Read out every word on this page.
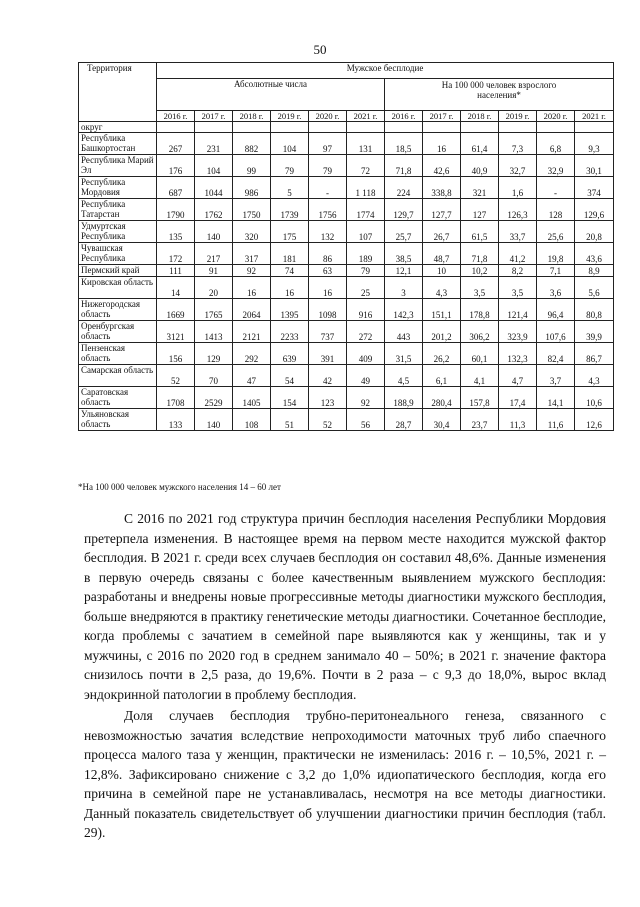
50
Территория	Мужское бесплодие											
	Абсолютные числа						На 100 000 человек взрослого населения*					
	2016 г.	2017 г.	2018 г.	2019 г.	2020 г.	2021 г.	2016 г.	2017 г.	2018 г.	2019 г.	2020 г.	2021 г.
округ												
Республика Башкортостан	267	231	882	104	97	131	18,5	16	61,4	7,3	6,8	9,3
Республика Марий Эл	176	104	99	79	79	72	71,8	42,6	40,9	32,7	32,9	30,1
Республика Мордовия	687	1044	986	5	-	1 118	224	338,8	321	1,6	-	374
Республика Татарстан	1790	1762	1750	1739	1756	1774	129,7	127,7	127	126,3	128	129,6
Удмуртская Республика	135	140	320	175	132	107	25,7	26,7	61,5	33,7	25,6	20,8
Чувашская Республика	172	217	317	181	86	189	38,5	48,7	71,8	41,2	19,8	43,6
Пермский край	111	91	92	74	63	79	12,1	10	10,2	8,2	7,1	8,9
Кировская область	14	20	16	16	16	25	3	4,3	3,5	3,5	3,6	5,6
Нижегородская область	1669	1765	2064	1395	1098	916	142,3	151,1	178,8	121,4	96,4	80,8
Оренбургская область	3121	1413	2121	2233	737	272	443	201,2	306,2	323,9	107,6	39,9
Пензенская область	156	129	292	639	391	409	31,5	26,2	60,1	132,3	82,4	86,7
Самарская область	52	70	47	54	42	49	4,5	6,1	4,1	4,7	3,7	4,3
Саратовская область	1708	2529	1405	154	123	92	188,9	280,4	157,8	17,4	14,1	10,6
Ульяновская область	133	140	108	51	52	56	28,7	30,4	23,7	11,3	11,6	12,6
*На 100 000 человек мужского населения 14 – 60 лет

С 2016 по 2021 год структура причин бесплодия населения Республики Мордовия претерпела изменения. В настоящее время на первом месте находится мужской фактор бесплодия. В 2021 г. среди всех случаев бесплодия он составил 48,6%. Данные изменения в первую очередь связаны с более качественным выявлением мужского бесплодия: разработаны и внедрены новые прогрессивные методы диагностики мужского бесплодия, больше внедряются в практику генетические методы диагностики. Сочетанное бесплодие, когда проблемы с зачатием в семейной паре выявляются как у женщины, так и у мужчины, с 2016 по 2020 год в среднем занимало 40 – 50%; в 2021 г. значение фактора снизилось почти в 2,5 раза, до 19,6%. Почти в 2 раза – с 9,3 до 18,0%, вырос вклад эндокринной патологии в проблему бесплодия.

Доля случаев бесплодия трубно-перитонеального генеза, связанного с невозможностью зачатия вследствие непроходимости маточных труб либо спаечного процесса малого таза у женщин, практически не изменилась: 2016 г. – 10,5%, 2021 г. – 12,8%. Зафиксировано снижение с 3,2 до 1,0% идиопатического бесплодия, когда его причина в семейной паре не устанавливалась, несмотря на все методы диагностики. Данный показатель свидетельствует об улучшении диагностики причин бесплодия (табл. 29).
